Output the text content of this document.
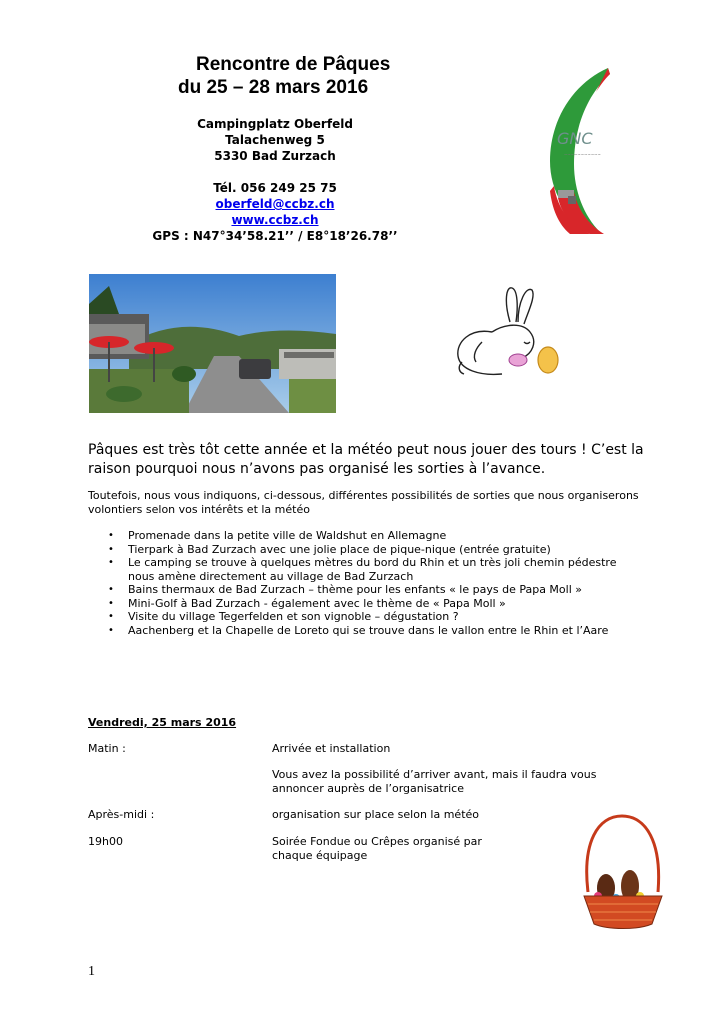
Rencontre de Pâques
du 25 – 28 mars 2016
Campingplatz Oberfeld
Talachenweg 5
5330 Bad Zurzach
Tél. 056 249 25 75
oberfeld@ccbz.ch
www.ccbz.ch
GPS : N47°34’58.21’’ / E8°18’26.78’’
GNC
~~~~~~~~~~~
Pâques est très tôt cette année et la météo peut nous jouer des tours ! C’est la raison pourquoi nous n’avons pas organisé les sorties à l’avance.
Toutefois, nous vous indiquons, ci-dessous, différentes possibilités de sorties que nous organiserons volontiers selon vos intérêts et la météo
• Promenade dans la petite ville de Waldshut en Allemagne
• Tierpark à Bad Zurzach avec une jolie place de pique-nique (entrée gratuite)
• Le camping se trouve à quelques mètres du bord du Rhin et un très joli chemin pédestre nous amène directement au village de Bad Zurzach
• Bains thermaux de Bad Zurzach – thème pour les enfants « le pays de Papa Moll »
• Mini-Golf à Bad Zurzach - également avec le thème de « Papa Moll »
• Visite du village Tegerfelden et son vignoble – dégustation ?
• Aachenberg et la Chapelle de Loreto qui se trouve dans le vallon entre le Rhin et l’Aare
Vendredi, 25 mars 2016
Matin :	Arrivée et installation
Vous avez la possibilité d’arriver avant, mais il faudra vous annoncer auprès de l’organisatrice
Après-midi :	organisation sur place selon la météo
19h00	Soirée Fondue ou Crêpes organisé par chaque équipage
1
